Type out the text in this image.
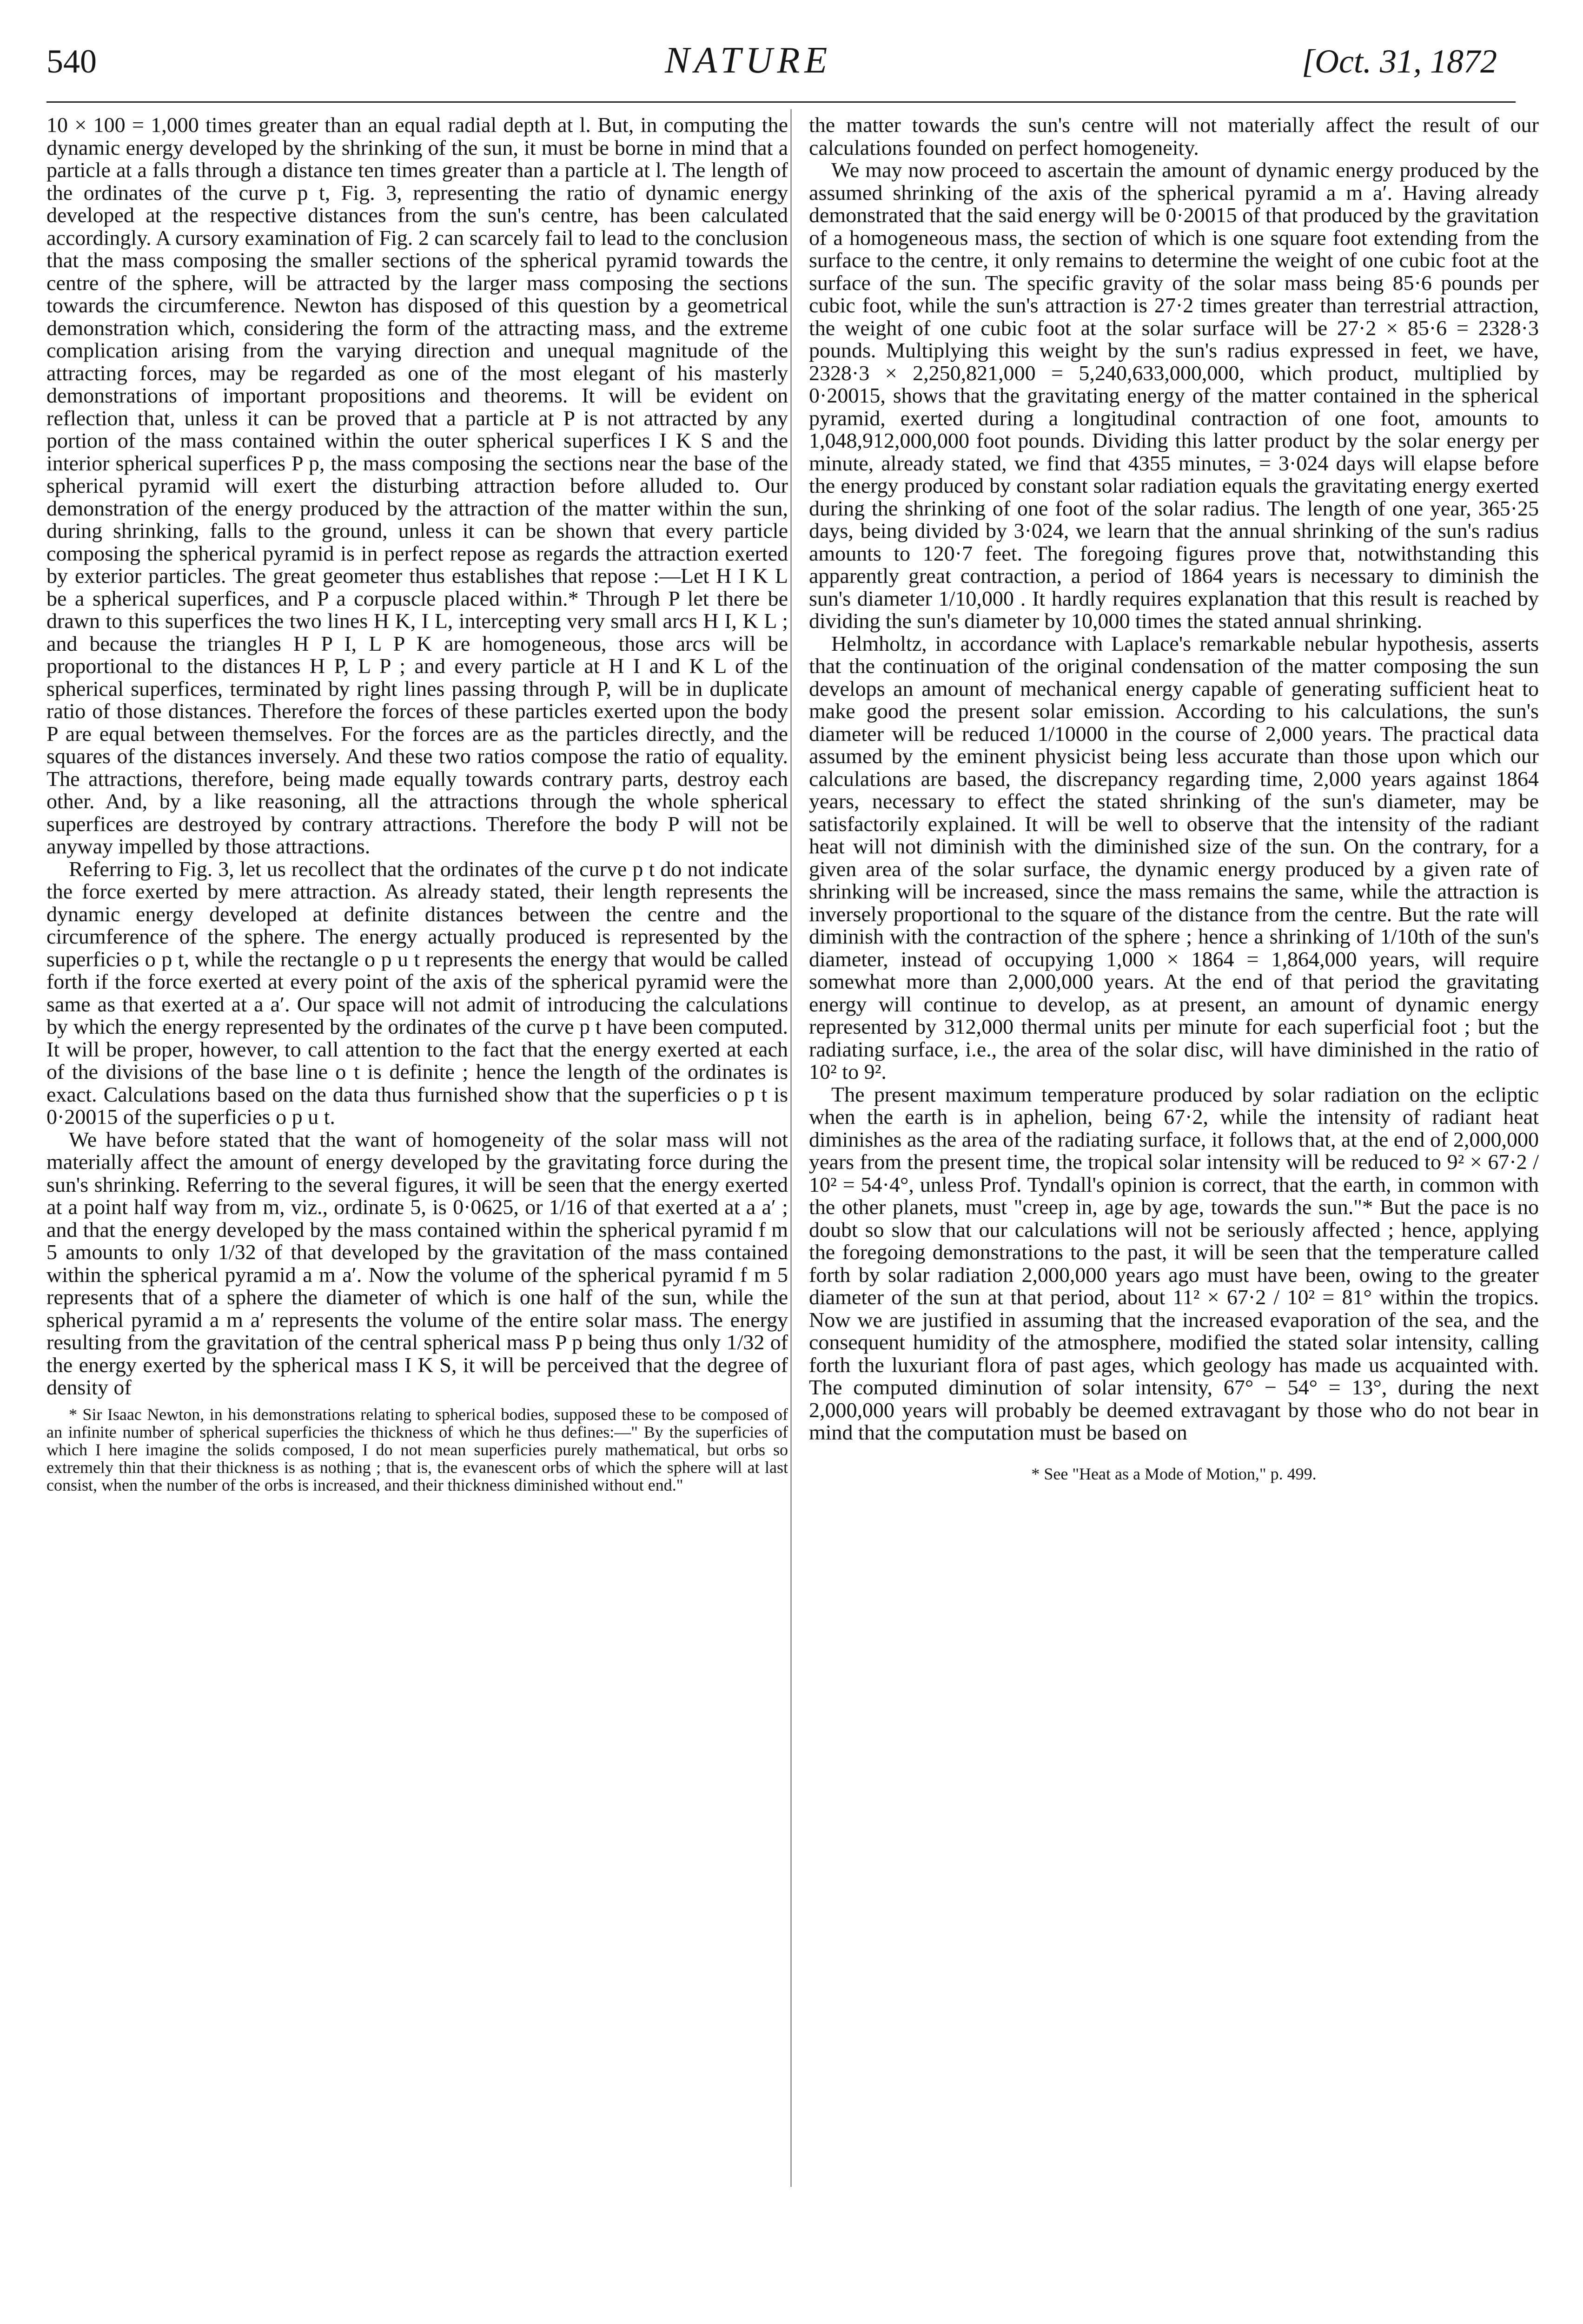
540	NATURE	[Oct. 31, 1872

10 × 100 = 1,000 times greater than an equal radial depth at l. But, in computing the dynamic energy developed by the shrinking of the sun, it must be borne in mind that a particle at a falls through a distance ten times greater than a particle at l. The length of the ordinates of the curve p t, Fig. 3, representing the ratio of dynamic energy developed at the respective distances from the sun's centre, has been calculated accordingly. A cursory examination of Fig. 2 can scarcely fail to lead to the conclusion that the mass composing the smaller sections of the spherical pyramid towards the centre of the sphere, will be attracted by the larger mass composing the sections towards the circumference. Newton has disposed of this question by a geometrical demonstration which, considering the form of the attracting mass, and the extreme complication arising from the varying direction and unequal magnitude of the attracting forces, may be regarded as one of the most elegant of his masterly demonstrations of important propositions and theorems. It will be evident on reflection that, unless it can be proved that a particle at P is not attracted by any portion of the mass contained within the outer spherical superfices I K S and the interior spherical superfices P p, the mass composing the sections near the base of the spherical pyramid will exert the disturbing attraction before alluded to. Our demonstration of the energy produced by the attraction of the matter within the sun, during shrinking, falls to the ground, unless it can be shown that every particle composing the spherical pyramid is in perfect repose as regards the attraction exerted by exterior particles. The great geometer thus establishes that repose :—Let H I K L be a spherical superfices, and P a corpuscle placed within.* Through P let there be drawn to this superfices the two lines H K, I L, intercepting very small arcs H I, K L ; and because the triangles H P I, L P K are homogeneous, those arcs will be proportional to the distances H P, L P ; and every particle at H I and K L of the spherical superfices, terminated by right lines passing through P, will be in duplicate ratio of those distances. Therefore the forces of these particles exerted upon the body P are equal between themselves. For the forces are as the particles directly, and the squares of the distances inversely. And these two ratios compose the ratio of equality. The attractions, therefore, being made equally towards contrary parts, destroy each other. And, by a like reasoning, all the attractions through the whole spherical superfices are destroyed by contrary attractions. Therefore the body P will not be anyway impelled by those attractions.

Referring to Fig. 3, let us recollect that the ordinates of the curve p t do not indicate the force exerted by mere attraction. As already stated, their length represents the dynamic energy developed at definite distances between the centre and the circumference of the sphere. The energy actually produced is represented by the superficies o p t, while the rectangle o p u t represents the energy that would be called forth if the force exerted at every point of the axis of the spherical pyramid were the same as that exerted at a a′. Our space will not admit of introducing the calculations by which the energy represented by the ordinates of the curve p t have been computed. It will be proper, however, to call attention to the fact that the energy exerted at each of the divisions of the base line o t is definite ; hence the length of the ordinates is exact. Calculations based on the data thus furnished show that the superficies o p t is 0·20015 of the superficies o p u t.

We have before stated that the want of homogeneity of the solar mass will not materially affect the amount of energy developed by the gravitating force during the sun's shrinking. Referring to the several figures, it will be seen that the energy exerted at a point half way from m, viz., ordinate 5, is 0·0625, or 1/16 of that exerted at a a′ ; and that the energy developed by the mass contained within the spherical pyramid f m 5 amounts to only 1/32 of that developed by the gravitation of the mass contained within the spherical pyramid a m a′. Now the volume of the spherical pyramid f m 5 represents that of a sphere the diameter of which is one half of the sun, while the spherical pyramid a m a′ represents the volume of the entire solar mass. The energy resulting from the gravitation of the central spherical mass P p being thus only 1/32 of the energy exerted by the spherical mass I K S, it will be perceived that the degree of density of

* Sir Isaac Newton, in his demonstrations relating to spherical bodies, supposed these to be composed of an infinite number of spherical superficies the thickness of which he thus defines:—" By the superficies of which I here imagine the solids composed, I do not mean superficies purely mathematical, but orbs so extremely thin that their thickness is as nothing ; that is, the evanescent orbs of which the sphere will at last consist, when the number of the orbs is increased, and their thickness diminished without end."

the matter towards the sun's centre will not materially affect the result of our calculations founded on perfect homogeneity.

We may now proceed to ascertain the amount of dynamic energy produced by the assumed shrinking of the axis of the spherical pyramid a m a′. Having already demonstrated that the said energy will be 0·20015 of that produced by the gravitation of a homogeneous mass, the section of which is one square foot extending from the surface to the centre, it only remains to determine the weight of one cubic foot at the surface of the sun. The specific gravity of the solar mass being 85·6 pounds per cubic foot, while the sun's attraction is 27·2 times greater than terrestrial attraction, the weight of one cubic foot at the solar surface will be 27·2 × 85·6 = 2328·3 pounds. Multiplying this weight by the sun's radius expressed in feet, we have, 2328·3 × 2,250,821,000 = 5,240,633,000,000, which product, multiplied by 0·20015, shows that the gravitating energy of the matter contained in the spherical pyramid, exerted during a longitudinal contraction of one foot, amounts to 1,048,912,000,000 foot pounds. Dividing this latter product by the solar energy per minute, already stated, we find that 4355 minutes, = 3·024 days will elapse before the energy produced by constant solar radiation equals the gravitating energy exerted during the shrinking of one foot of the solar radius. The length of one year, 365·25 days, being divided by 3·024, we learn that the annual shrinking of the sun's radius amounts to 120·7 feet. The foregoing figures prove that, notwithstanding this apparently great contraction, a period of 1864 years is necessary to diminish the sun's diameter 1/10,000 . It hardly requires explanation that this result is reached by dividing the sun's diameter by 10,000 times the stated annual shrinking.

Helmholtz, in accordance with Laplace's remarkable nebular hypothesis, asserts that the continuation of the original condensation of the matter composing the sun develops an amount of mechanical energy capable of generating sufficient heat to make good the present solar emission. According to his calculations, the sun's diameter will be reduced 1/10000 in the course of 2,000 years. The practical data assumed by the eminent physicist being less accurate than those upon which our calculations are based, the discrepancy regarding time, 2,000 years against 1864 years, necessary to effect the stated shrinking of the sun's diameter, may be satisfactorily explained. It will be well to observe that the intensity of the radiant heat will not diminish with the diminished size of the sun. On the contrary, for a given area of the solar surface, the dynamic energy produced by a given rate of shrinking will be increased, since the mass remains the same, while the attraction is inversely proportional to the square of the distance from the centre. But the rate will diminish with the contraction of the sphere ; hence a shrinking of 1/10th of the sun's diameter, instead of occupying 1,000 × 1864 = 1,864,000 years, will require somewhat more than 2,000,000 years. At the end of that period the gravitating energy will continue to develop, as at present, an amount of dynamic energy represented by 312,000 thermal units per minute for each superficial foot ; but the radiating surface, i.e., the area of the solar disc, will have diminished in the ratio of 10² to 9².

The present maximum temperature produced by solar radiation on the ecliptic when the earth is in aphelion, being 67·2, while the intensity of radiant heat diminishes as the area of the radiating surface, it follows that, at the end of 2,000,000 years from the present time, the tropical solar intensity will be reduced to 9² × 67·2 / 10² = 54·4°, unless Prof. Tyndall's opinion is correct, that the earth, in common with the other planets, must "creep in, age by age, towards the sun."* But the pace is no doubt so slow that our calculations will not be seriously affected ; hence, applying the foregoing demonstrations to the past, it will be seen that the temperature called forth by solar radiation 2,000,000 years ago must have been, owing to the greater diameter of the sun at that period, about 11² × 67·2 / 10² = 81° within the tropics. Now we are justified in assuming that the increased evaporation of the sea, and the consequent humidity of the atmosphere, modified the stated solar intensity, calling forth the luxuriant flora of past ages, which geology has made us acquainted with. The computed diminution of solar intensity, 67° − 54° = 13°, during the next 2,000,000 years will probably be deemed extravagant by those who do not bear in mind that the computation must be based on

* See "Heat as a Mode of Motion," p. 499.
